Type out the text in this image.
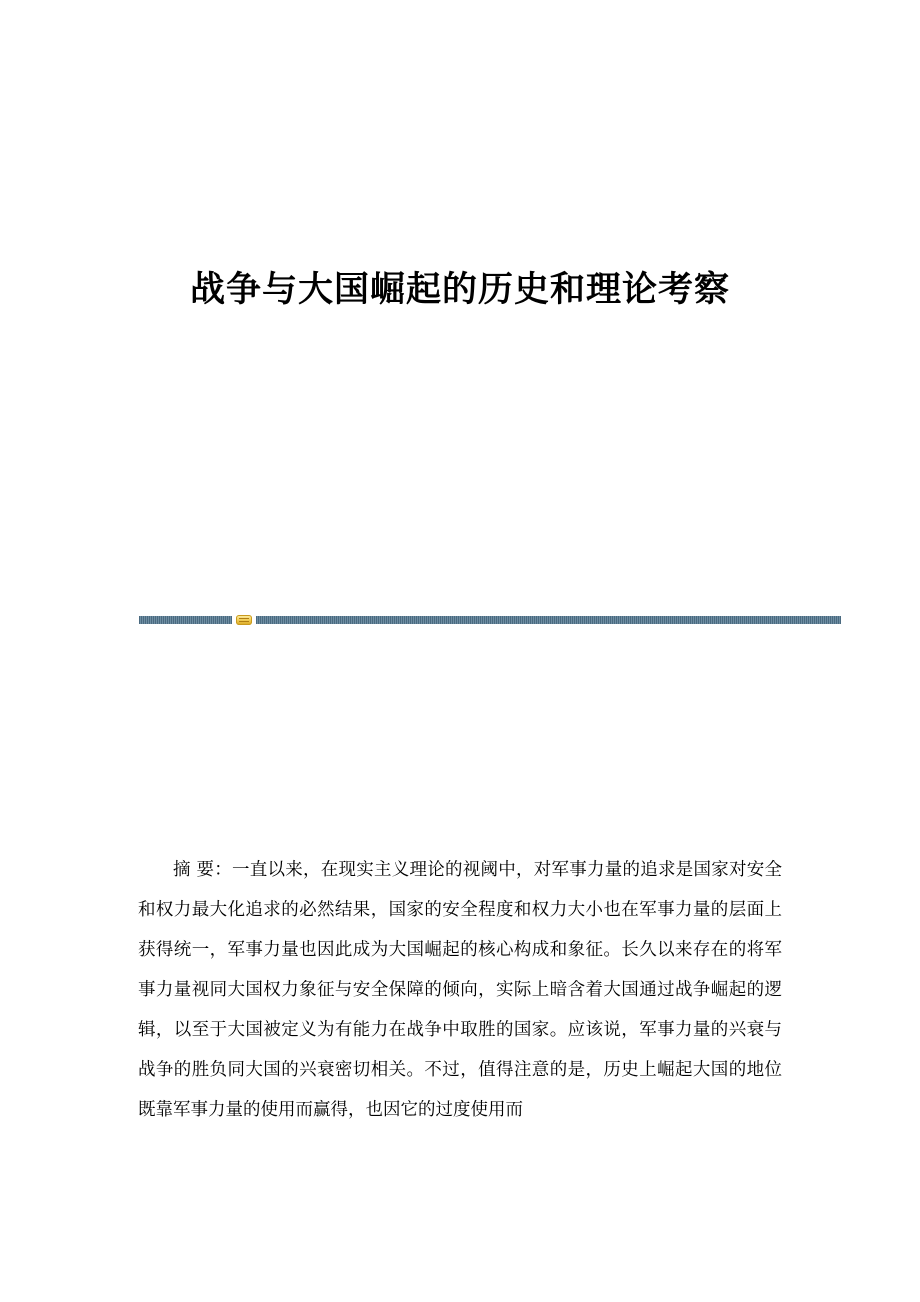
战争与大国崛起的历史和理论考察

摘 要：一直以来，在现实主义理论的视阈中，对军事力量的追求是国家对安全和权力最大化追求的必然结果，国家的安全程度和权力大小也在军事力量的层面上获得统一，军事力量也因此成为大国崛起的核心构成和象征。长久以来存在的将军事力量视同大国权力象征与安全保障的倾向，实际上暗含着大国通过战争崛起的逻辑，以至于大国被定义为有能力在战争中取胜的国家。应该说，军事力量的兴衰与战争的胜负同大国的兴衰密切相关。不过，值得注意的是，历史上崛起大国的地位既靠军事力量的使用而赢得，也因它的过度使用而
